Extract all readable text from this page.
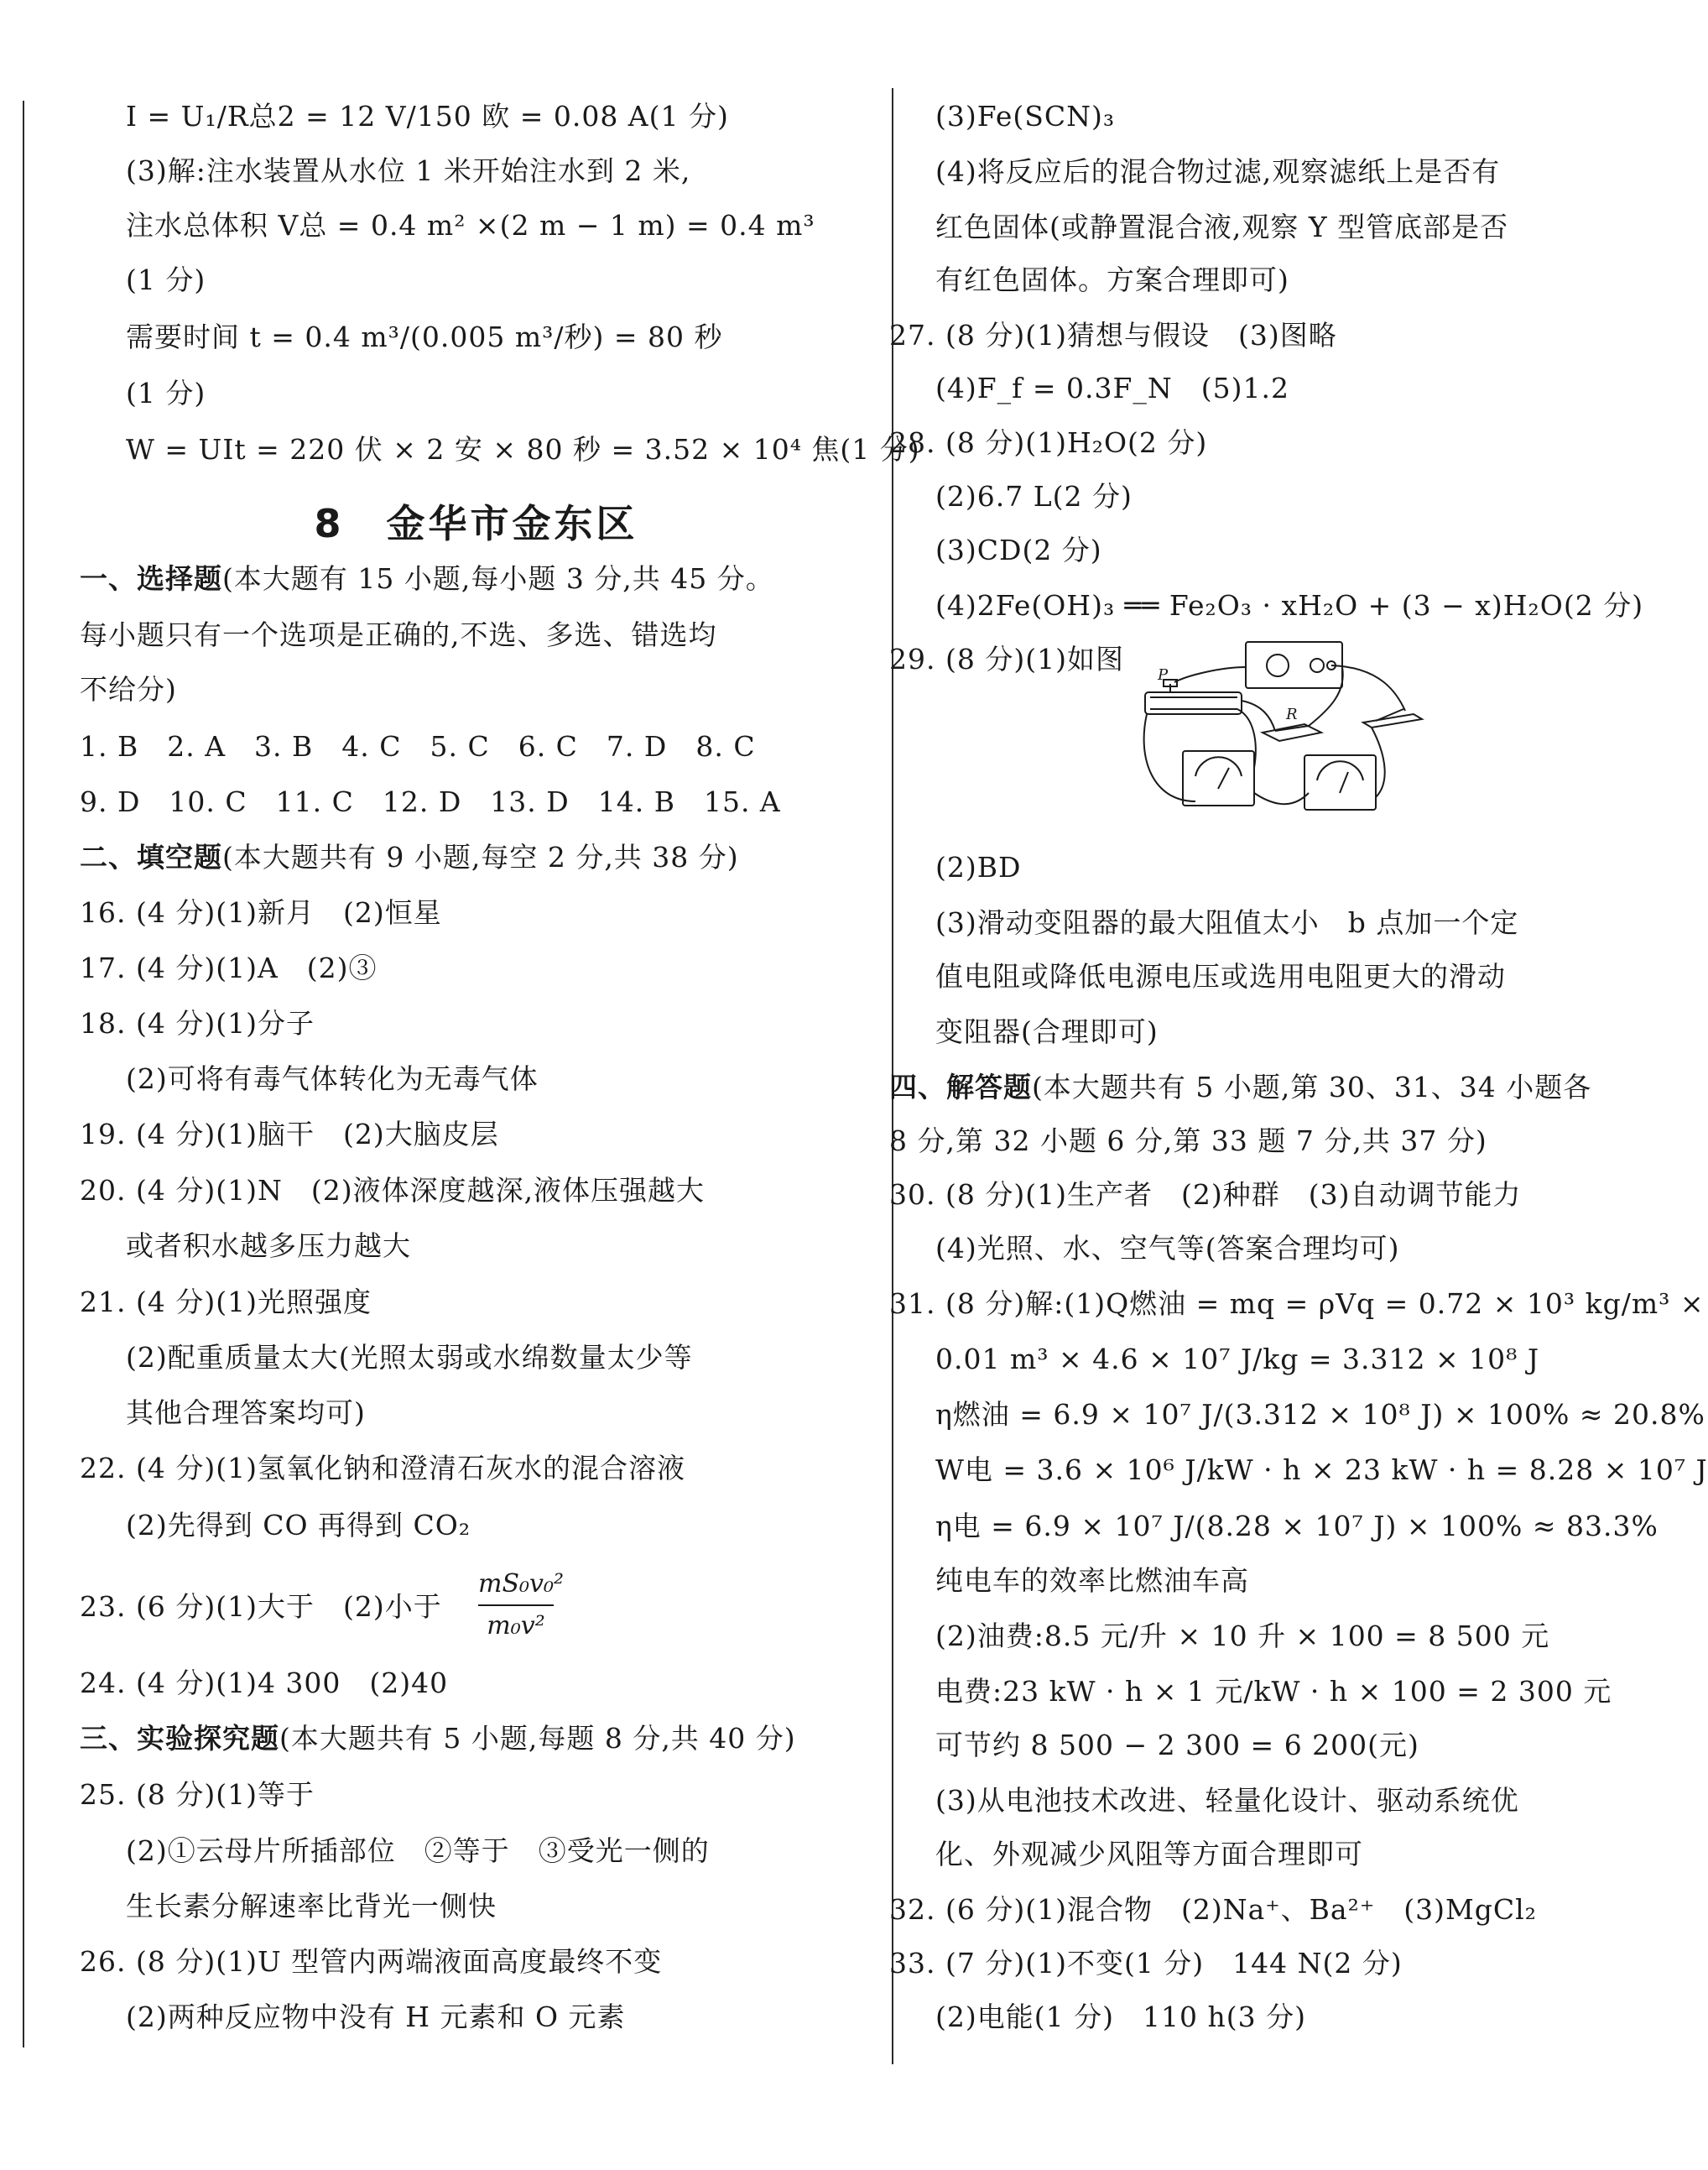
I = U₁/R总2 = 12 V/150 欧 = 0.08 A(1 分)
(3)解:注水装置从水位 1 米开始注水到 2 米,
注水总体积 V总 = 0.4 m² ×(2 m − 1 m) = 0.4 m³
(1 分)
需要时间 t = 0.4 m³/(0.005 m³/秒) = 80 秒
(1 分)
W = UIt = 220 伏 × 2 安 × 80 秒 = 3.52 × 10⁴ 焦(1 分)
8　金华市金东区
一、选择题(本大题有 15 小题,每小题 3 分,共 45 分。
每小题只有一个选项是正确的,不选、多选、错选均
不给分)
1. B　2. A　3. B　4. C　5. C　6. C　7. D　8. C
9. D　10. C　11. C　12. D　13. D　14. B　15. A
二、填空题(本大题共有 9 小题,每空 2 分,共 38 分)
16. (4 分)(1)新月　(2)恒星
17. (4 分)(1)A　(2)③
18. (4 分)(1)分子
(2)可将有毒气体转化为无毒气体
19. (4 分)(1)脑干　(2)大脑皮层
20. (4 分)(1)N　(2)液体深度越深,液体压强越大
或者积水越多压力越大
21. (4 分)(1)光照强度
(2)配重质量太大(光照太弱或水绵数量太少等
其他合理答案均可)
22. (4 分)(1)氢氧化钠和澄清石灰水的混合溶液
(2)先得到 CO 再得到 CO₂
23. (6 分)(1)大于　(2)小于
mS₀v₀²
m₀v²
24. (4 分)(1)4 300　(2)40
三、实验探究题(本大题共有 5 小题,每题 8 分,共 40 分)
25. (8 分)(1)等于
(2)①云母片所插部位　②等于　③受光一侧的
生长素分解速率比背光一侧快
26. (8 分)(1)U 型管内两端液面高度最终不变
(2)两种反应物中没有 H 元素和 O 元素
(3)Fe(SCN)₃
(4)将反应后的混合物过滤,观察滤纸上是否有
红色固体(或静置混合液,观察 Y 型管底部是否
有红色固体。方案合理即可)
27. (8 分)(1)猜想与假设　(3)图略
(4)F_f = 0.3F_N　(5)1.2
28. (8 分)(1)H₂O(2 分)
(2)6.7 L(2 分)
(3)CD(2 分)
(4)2Fe(OH)₃ ══ Fe₂O₃ · xH₂O + (3 − x)H₂O(2 分)
29. (8 分)(1)如图
(2)BD
(3)滑动变阻器的最大阻值太小　b 点加一个定
值电阻或降低电源电压或选用电阻更大的滑动
变阻器(合理即可)
四、解答题(本大题共有 5 小题,第 30、31、34 小题各
8 分,第 32 小题 6 分,第 33 题 7 分,共 37 分)
30. (8 分)(1)生产者　(2)种群　(3)自动调节能力
(4)光照、水、空气等(答案合理均可)
31. (8 分)解:(1)Q燃油 = mq = ρVq = 0.72 × 10³ kg/m³ ×
0.01 m³ × 4.6 × 10⁷ J/kg = 3.312 × 10⁸ J
η燃油 = 6.9 × 10⁷ J/(3.312 × 10⁸ J) × 100% ≈ 20.8%
W电 = 3.6 × 10⁶ J/kW · h × 23 kW · h = 8.28 × 10⁷ J
η电 = 6.9 × 10⁷ J/(8.28 × 10⁷ J) × 100% ≈ 83.3%
纯电车的效率比燃油车高
(2)油费:8.5 元/升 × 10 升 × 100 = 8 500 元
电费:23 kW · h × 1 元/kW · h × 100 = 2 300 元
可节约 8 500 − 2 300 = 6 200(元)
(3)从电池技术改进、轻量化设计、驱动系统优
化、外观减少风阻等方面合理即可
32. (6 分)(1)混合物　(2)Na⁺、Ba²⁺　(3)MgCl₂
33. (7 分)(1)不变(1 分)　144 N(2 分)
(2)电能(1 分)　110 h(3 分)
P
R
